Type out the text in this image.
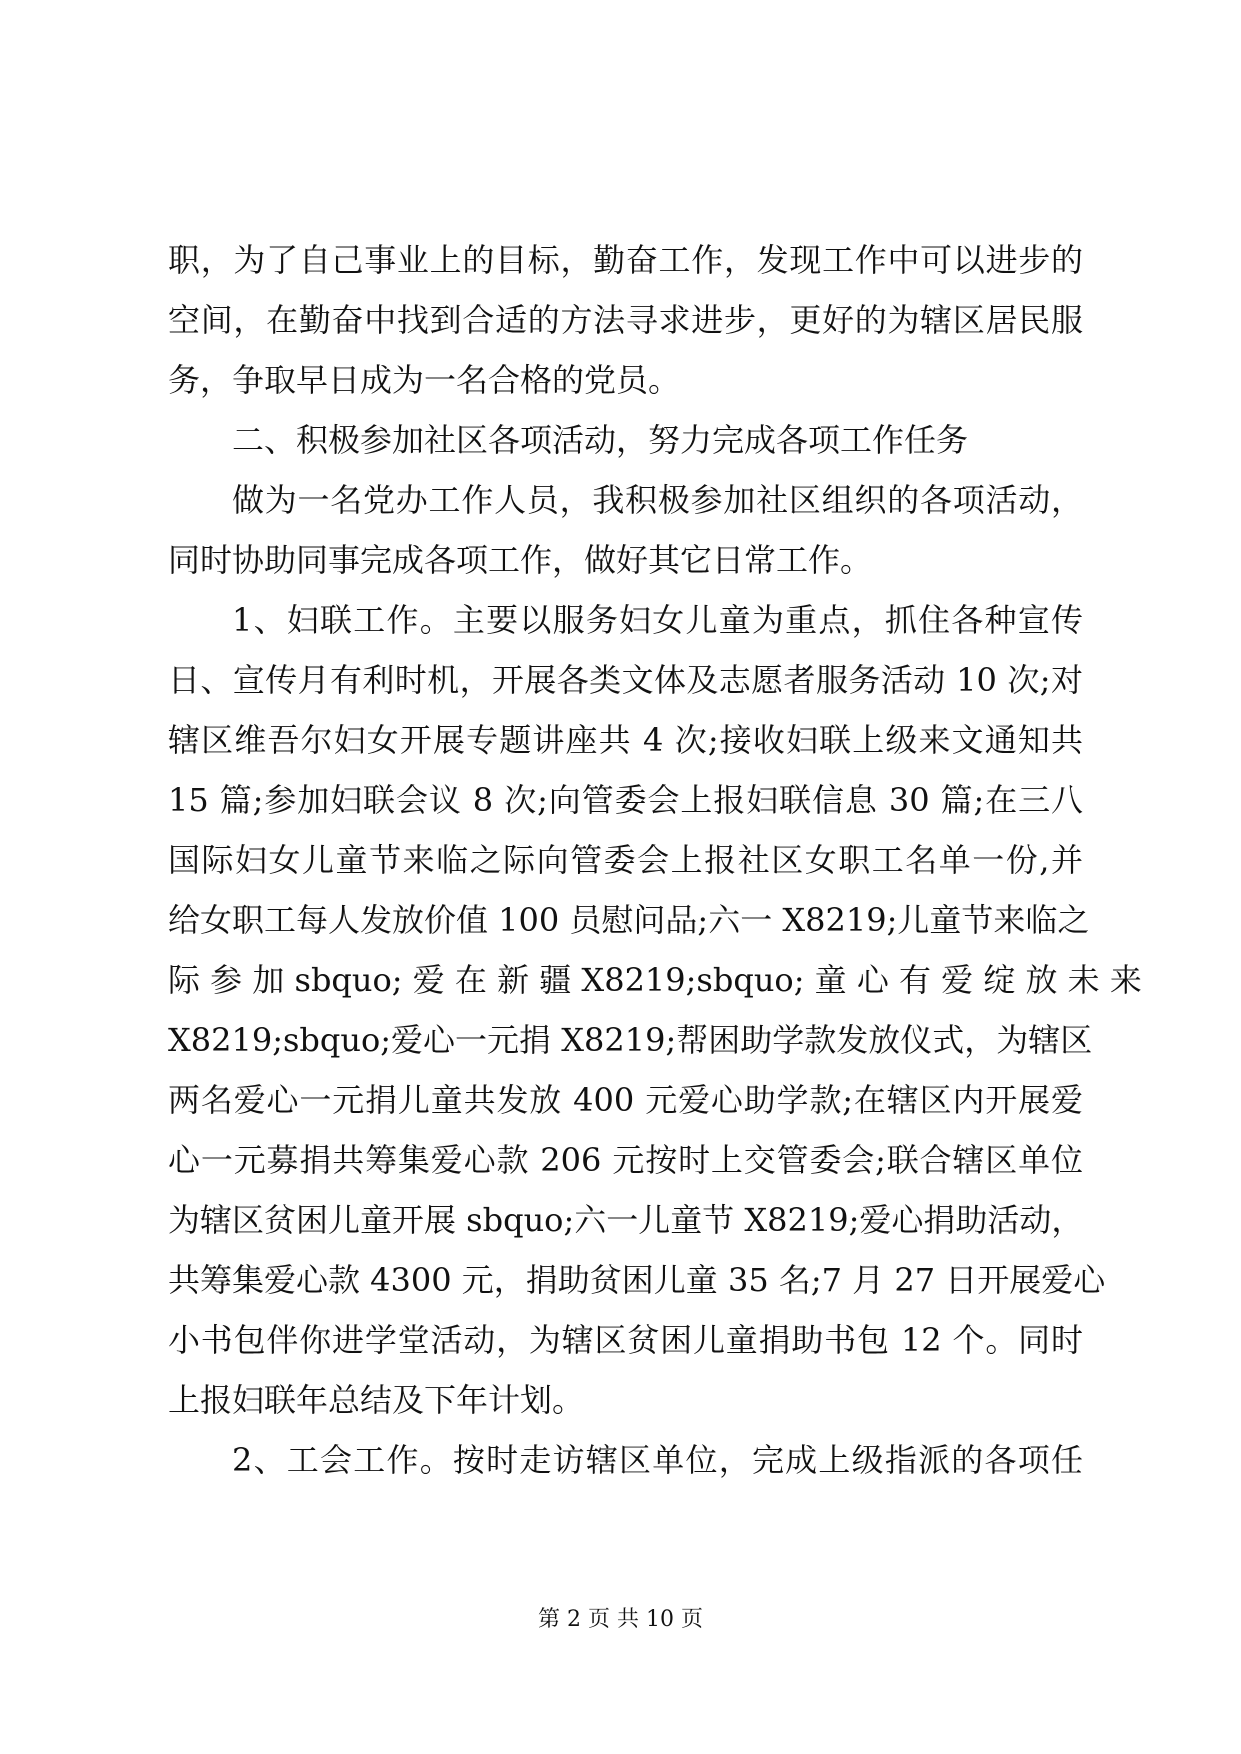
职，为了自己事业上的目标，勤奋工作，发现工作中可以进步的
空间，在勤奋中找到合适的方法寻求进步，更好的为辖区居民服
务，争取早日成为一名合格的党员。
二、积极参加社区各项活动，努力完成各项工作任务
做为一名党办工作人员，我积极参加社区组织的各项活动，
同时协助同事完成各项工作，做好其它日常工作。
1、妇联工作。主要以服务妇女儿童为重点，抓住各种宣传
日、宣传月有利时机，开展各类文体及志愿者服务活动 10 次;对
辖区维吾尔妇女开展专题讲座共 4 次;接收妇联上级来文通知共
15 篇;参加妇联会议 8 次;向管委会上报妇联信息 30 篇;在三八
国际妇女儿童节来临之际向管委会上报社区女职工名单一份,并
给女职工每人发放价值 100 员慰问品;六一 X8219;儿童节来临之
际 参 加 sbquo; 爱 在 新 疆 X8219;sbquo; 童 心 有 爱 绽 放 未 来
X8219;sbquo;爱心一元捐 X8219;帮困助学款发放仪式，为辖区
两名爱心一元捐儿童共发放 400 元爱心助学款;在辖区内开展爱
心一元募捐共筹集爱心款 206 元按时上交管委会;联合辖区单位
为辖区贫困儿童开展 sbquo;六一儿童节 X8219;爱心捐助活动，
共筹集爱心款 4300 元，捐助贫困儿童 35 名;7 月 27 日开展爱心
小书包伴你进学堂活动，为辖区贫困儿童捐助书包 12 个。同时
上报妇联年总结及下年计划。
2、工会工作。按时走访辖区单位，完成上级指派的各项任
第 2 页 共 10 页
